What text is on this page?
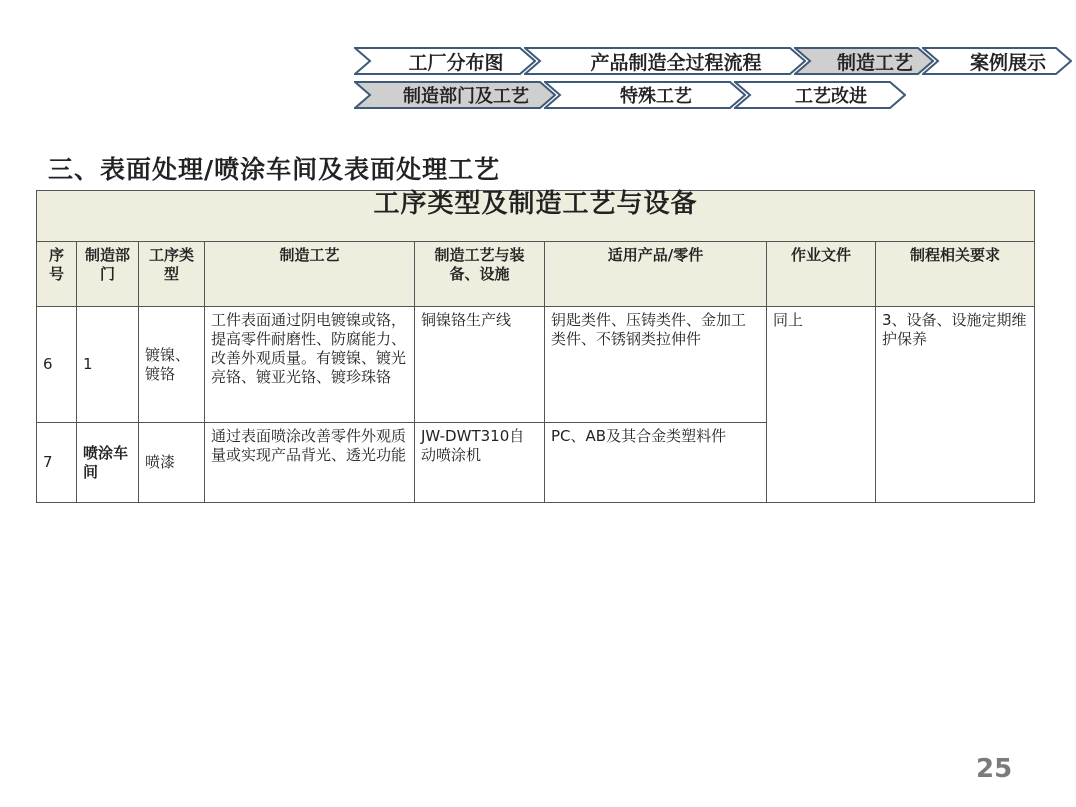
工厂分布图	产品制造全过程流程	制造工艺	案例展示
制造部门及工艺	特殊工艺	工艺改进
三、表面处理/喷涂车间及表面处理工艺
工序类型及制造工艺与设备							
序号	制造部门	工序类型	制造工艺	制造工艺与装备、设施	适用产品/零件	作业文件	制程相关要求
6	1	镀镍、镀铬	工件表面通过阴电镀镍或铬，提高零件耐磨性、防腐能力、改善外观质量。有镀镍、镀光亮铬、镀亚光铬、镀珍珠铬	铜镍铬生产线	钥匙类件、压铸类件、金加工类件、不锈钢类拉伸件	同上	3、设备、设施定期维护保养
7	喷涂车间	喷漆	通过表面喷涂改善零件外观质量或实现产品背光、透光功能	JW-DWT310自动喷涂机	PC、AB及其合金类塑料件		
25
